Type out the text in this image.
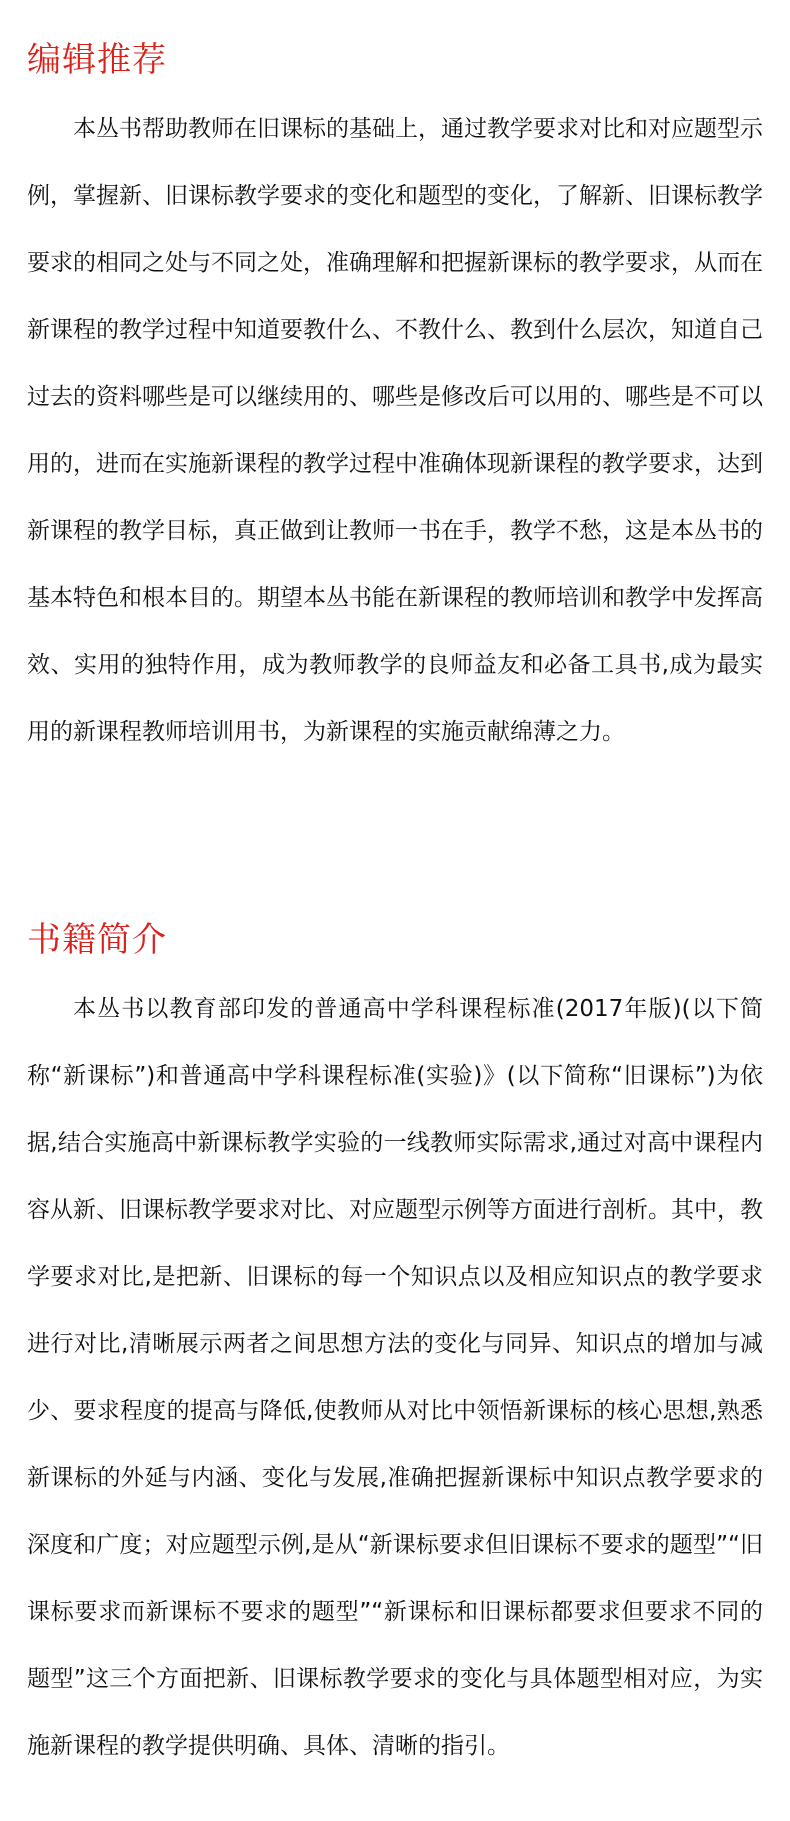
编辑推荐

本丛书帮助教师在旧课标的基础上，通过教学要求对比和对应题型示例，掌握新、旧课标教学要求的变化和题型的变化，了解新、旧课标教学要求的相同之处与不同之处，准确理解和把握新课标的教学要求，从而在新课程的教学过程中知道要教什么、不教什么、教到什么层次，知道自己过去的资料哪些是可以继续用的、哪些是修改后可以用的、哪些是不可以用的，进而在实施新课程的教学过程中准确体现新课程的教学要求，达到新课程的教学目标，真正做到让教师一书在手，教学不愁，这是本丛书的基本特色和根本目的。期望本丛书能在新课程的教师培训和教学中发挥高效、实用的独特作用，成为教师教学的良师益友和必备工具书,成为最实用的新课程教师培训用书，为新课程的实施贡献绵薄之力。

书籍简介

本丛书以教育部印发的普通高中学科课程标准(2017年版)(以下简称“新课标”)和普通高中学科课程标准(实验)》(以下简称“旧课标”)为依据,结合实施高中新课标教学实验的一线教师实际需求,通过对高中课程内容从新、旧课标教学要求对比、对应题型示例等方面进行剖析。其中，教学要求对比,是把新、旧课标的每一个知识点以及相应知识点的教学要求进行对比,清晰展示两者之间思想方法的变化与同异、知识点的增加与减少、要求程度的提高与降低,使教师从对比中领悟新课标的核心思想,熟悉新课标的外延与内涵、变化与发展,准确把握新课标中知识点教学要求的深度和广度；对应题型示例,是从“新课标要求但旧课标不要求的题型”“旧课标要求而新课标不要求的题型”“新课标和旧课标都要求但要求不同的题型”这三个方面把新、旧课标教学要求的变化与具体题型相对应，为实施新课程的教学提供明确、具体、清晰的指引。
